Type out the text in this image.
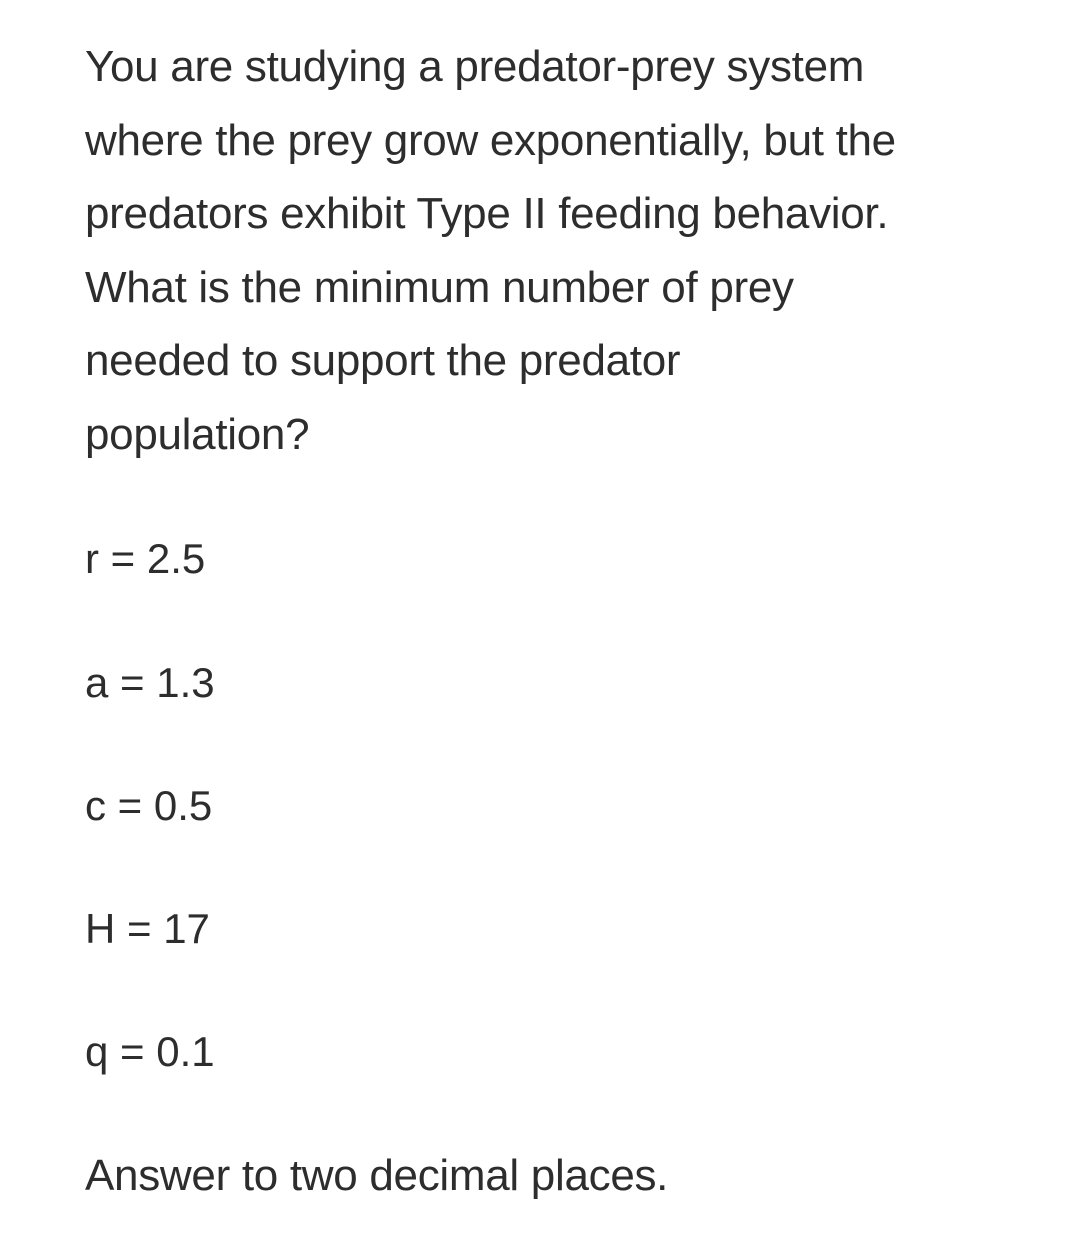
You are studying a predator-prey system
where the prey grow exponentially, but the
predators exhibit Type II feeding behavior.
What is the minimum number of prey
needed to support the predator
population?
r = 2.5
a = 1.3
c = 0.5
H = 17
q = 0.1
Answer to two decimal places.
